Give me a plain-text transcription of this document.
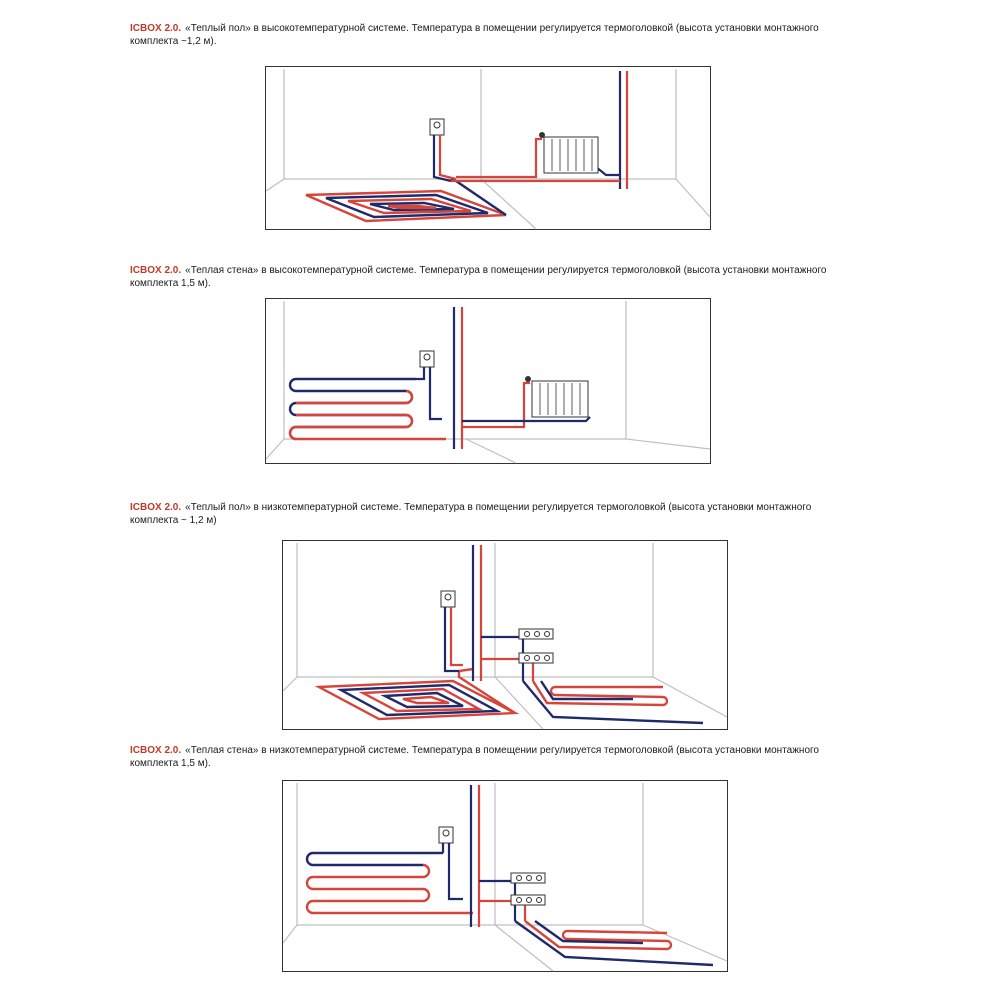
ICBOX 2.0. «Теплый пол» в высокотемпературной системе. Температура в помещении регулируется термоголовкой (высота установки монтажного комплекта ~1,2 м).
ICBOX 2.0. «Теплая стена» в высокотемпературной системе. Температура в помещении регулируется термоголовкой (высота установки монтажного комплекта 1,5 м).
ICBOX 2.0. «Теплый пол» в низкотемпературной системе. Температура в помещении регулируется термоголовкой (высота установки монтажного комплекта ~ 1,2 м)
ICBOX 2.0. «Теплая стена» в низкотемпературной системе. Температура в помещении регулируется термоголовкой (высота установки монтажного комплекта 1,5 м).
